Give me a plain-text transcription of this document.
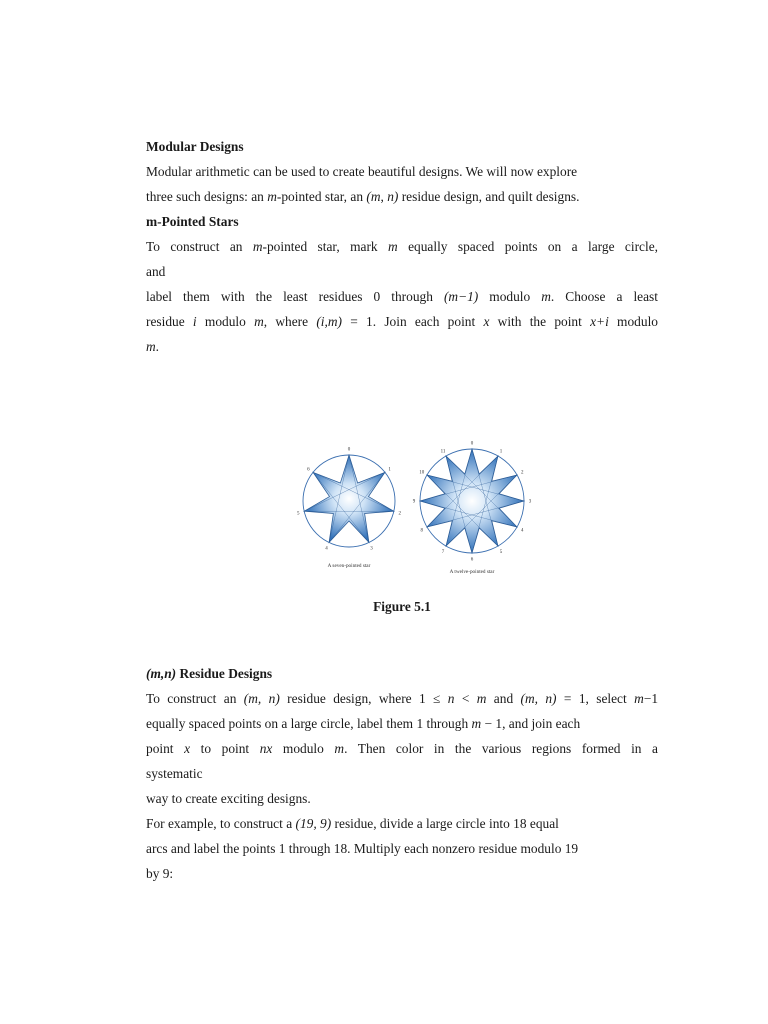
Modular Designs

Modular arithmetic can be used to create beautiful designs. We will now explore

three such designs: an m-pointed star, an (m, n) residue design, and quilt designs.

m-Pointed Stars

To construct an m-pointed star, mark m equally spaced points on a large circle,

and

label them with the least residues 0 through (m−1) modulo m. Choose a least

residue i modulo m, where (i,m) = 1. Join each point x with the point x+i modulo

m.

0
1
2
3
4
5
6
A seven-pointed star
0
1
2
3
4
5
6
7
8
9
10
11
A twelve-pointed star
Figure 5.1

(m,n) Residue Designs

To construct an (m, n) residue design, where 1 ≤ n < m and (m, n) = 1, select m−1

equally spaced points on a large circle, label them 1 through m − 1, and join each

point x to point nx modulo m. Then color in the various regions formed in a

systematic

way to create exciting designs.

For example, to construct a (19, 9) residue, divide a large circle into 18 equal

arcs and label the points 1 through 18. Multiply each nonzero residue modulo 19

by 9:
